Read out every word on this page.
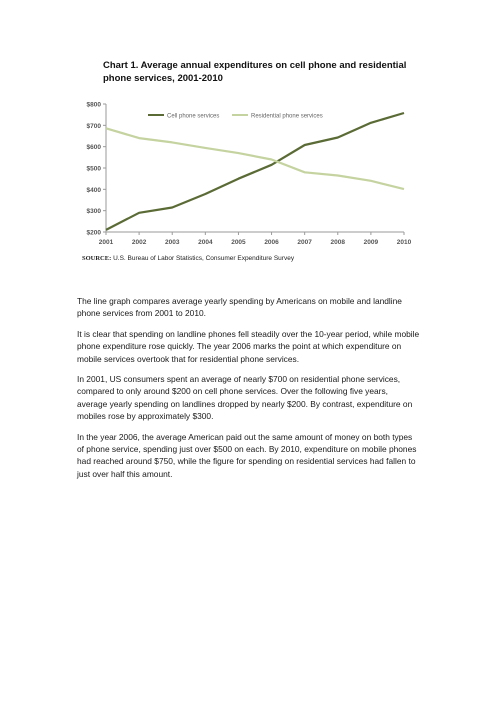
Chart 1. Average annual expenditures on cell phone and residential phone services, 2001-2010
$200
$300
$400
$500
$600
$700
$800
2001	2002	2003	2004	2005	2006	2007	2008	2009	2010
Cell phone services	Residential phone services
SOURCE: U.S. Bureau of Labor Statistics, Consumer Expenditure Survey

The line graph compares average yearly spending by Americans on mobile and landline phone services from 2001 to 2010.

It is clear that spending on landline phones fell steadily over the 10-year period, while mobile phone expenditure rose quickly. The year 2006 marks the point at which expenditure on mobile services overtook that for residential phone services.

In 2001, US consumers spent an average of nearly $700 on residential phone services, compared to only around $200 on cell phone services. Over the following five years, average yearly spending on landlines dropped by nearly $200. By contrast, expenditure on mobiles rose by approximately $300.

In the year 2006, the average American paid out the same amount of money on both types of phone service, spending just over $500 on each. By 2010, expenditure on mobile phones had reached around $750, while the figure for spending on residential services had fallen to just over half this amount.
